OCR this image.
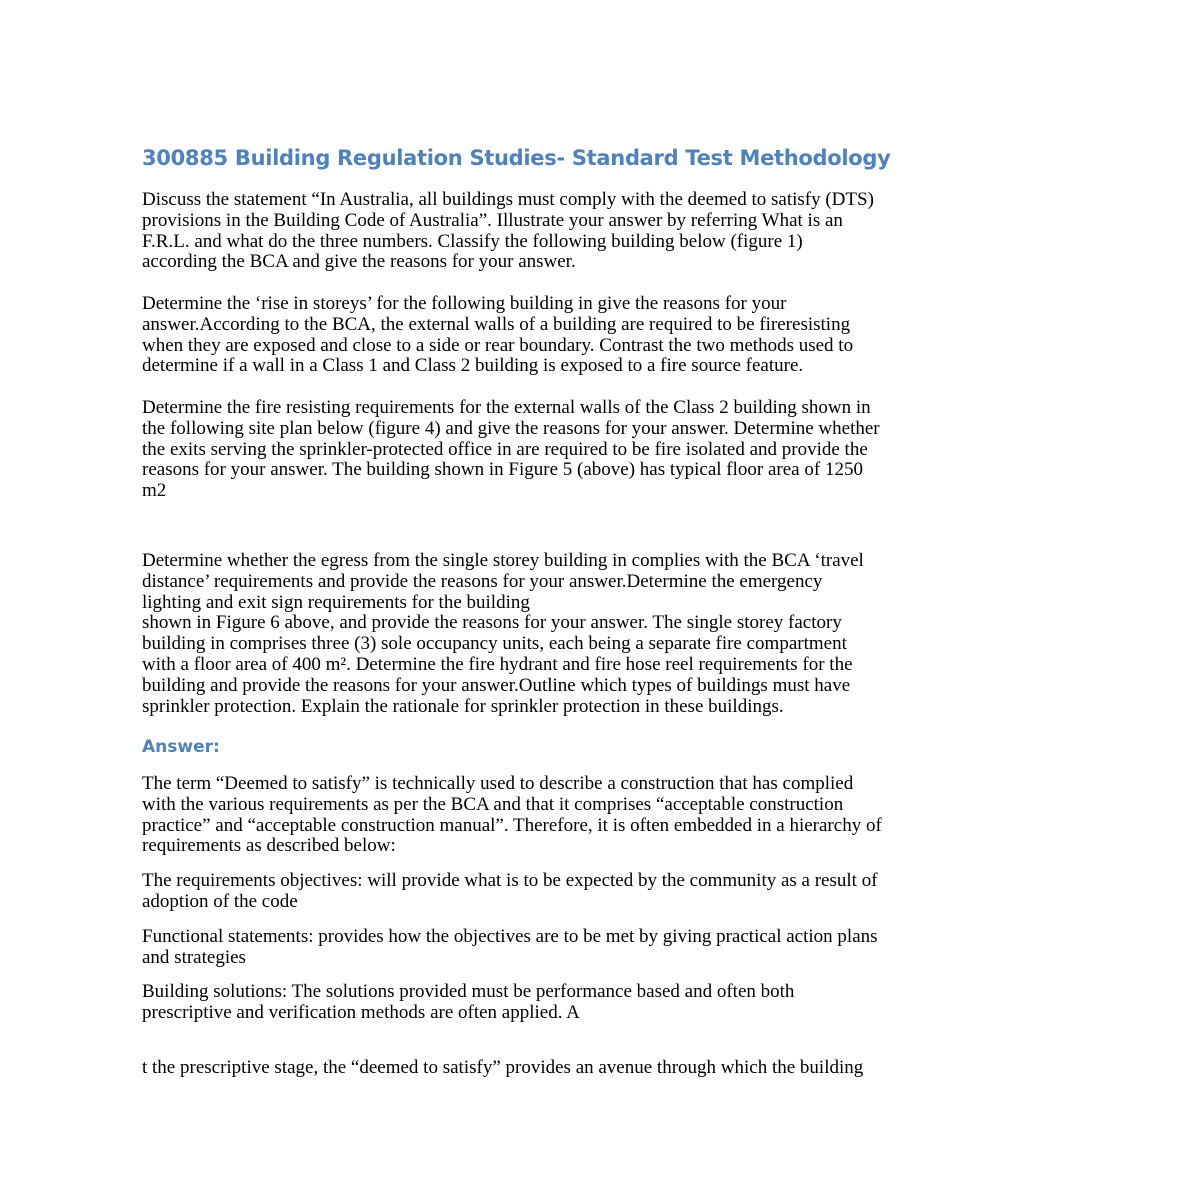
300885 Building Regulation Studies- Standard Test Methodology

Discuss the statement “In Australia, all buildings must comply with the deemed to satisfy (DTS)
provisions in the Building Code of Australia”. Illustrate your answer by referring What is an
F.R.L. and what do the three numbers. Classify the following building below (figure 1)
according the BCA and give the reasons for your answer.

Determine the ‘rise in storeys’ for the following building in give the reasons for your
answer.According to the BCA, the external walls of a building are required to be fireresisting
when they are exposed and close to a side or rear boundary. Contrast the two methods used to
determine if a wall in a Class 1 and Class 2 building is exposed to a fire source feature.

Determine the fire resisting requirements for the external walls of the Class 2 building shown in
the following site plan below (figure 4) and give the reasons for your answer. Determine whether
the exits serving the sprinkler-protected office in are required to be fire isolated and provide the
reasons for your answer. The building shown in Figure 5 (above) has typical floor area of 1250
m2

Determine whether the egress from the single storey building in complies with the BCA ‘travel
distance’ requirements and provide the reasons for your answer.Determine the emergency
lighting and exit sign requirements for the building
shown in Figure 6 above, and provide the reasons for your answer. The single storey factory
building in comprises three (3) sole occupancy units, each being a separate fire compartment
with a floor area of 400 m². Determine the fire hydrant and fire hose reel requirements for the
building and provide the reasons for your answer.Outline which types of buildings must have
sprinkler protection. Explain the rationale for sprinkler protection in these buildings.

Answer:

The term “Deemed to satisfy” is technically used to describe a construction that has complied
with the various requirements as per the BCA and that it comprises “acceptable construction
practice” and “acceptable construction manual”. Therefore, it is often embedded in a hierarchy of
requirements as described below:

The requirements objectives: will provide what is to be expected by the community as a result of
adoption of the code

Functional statements: provides how the objectives are to be met by giving practical action plans
and strategies

Building solutions: The solutions provided must be performance based and often both
prescriptive and verification methods are often applied. A

t the prescriptive stage, the “deemed to satisfy” provides an avenue through which the building
